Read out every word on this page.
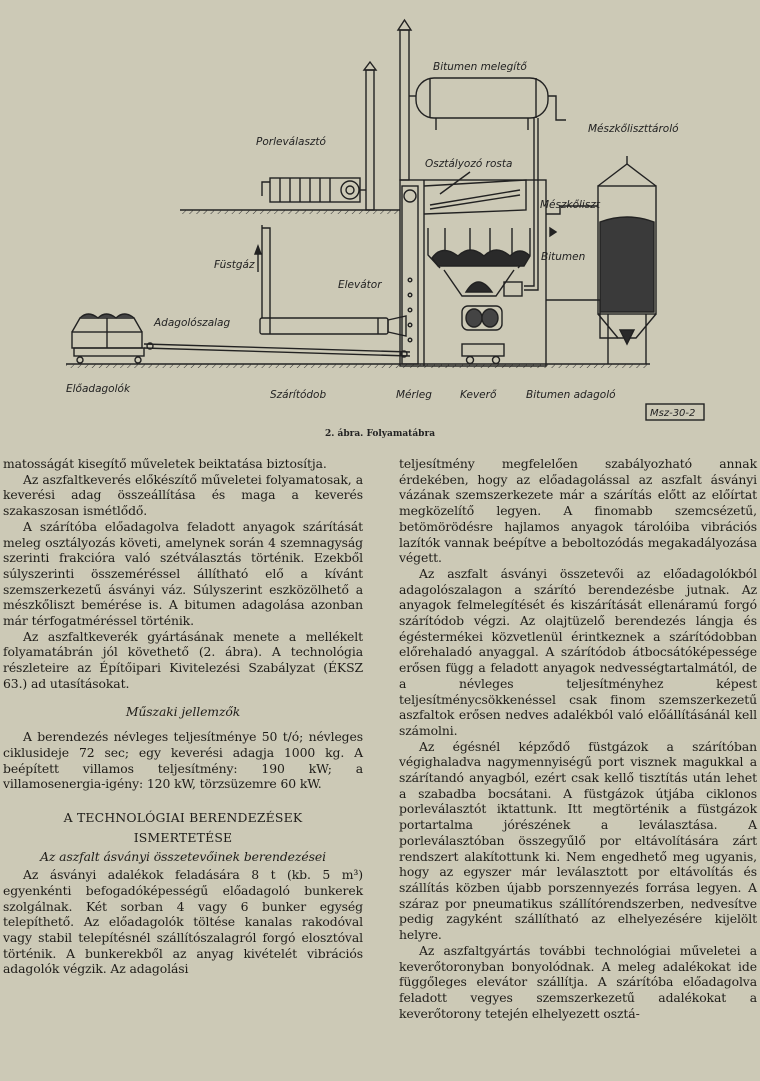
Bitumen melegítő
Porleválasztó
Osztályozó rosta
Mészkőliszttároló
Mészkőliszt
Füstgáz
Elevátor
Bitumen
Adagolószalag
Előadagolók	Szárítódob	Mérleg	Keverő	Bitumen adagoló
Msz-30-2
2. ábra. Folyamatábra

matosságát kisegítő műveletek beiktatása biztosítja.

Az aszfaltkeverés előkészítő műveletei folyamatosak, a keverési adag összeállítása és maga a keverés szakaszosan ismétlődő.

A szárítóba előadagolva feladott anyagok szárítását meleg osztályozás követi, amelynek során 4 szemnagyság szerinti frakcióra való szétválasztás történik. Ezekből súlyszerinti összeméréssel állítható elő a kívánt szemszerkezetű ásványi váz. Súlyszerint eszközölhető a mészkőliszt bemérése is. A bitumen adagolása azonban már térfogatméréssel történik.

Az aszfaltkeverék gyártásának menete a mellékelt folyamatábrán jól követhető (2. ábra). A technológia részleteire az Építőipari Kivitelezési Szabályzat (ÉKSZ 63.) ad utasításokat.

Műszaki jellemzők

A berendezés névleges teljesítménye 50 t/ó; névleges ciklusideje 72 sec; egy keverési adagja 1000 kg. A beépített villamos teljesítmény: 190 kW; a villamosenergia-igény: 120 kW, törzsüzemre 60 kW.

A TECHNOLÓGIAI BERENDEZÉSEK

ISMERTETÉSE

Az aszfalt ásványi összetevőinek berendezései

Az ásványi adalékok feladására 8 t (kb. 5 m³) egyenkénti befogadóképességű előadagoló bunkerek szolgálnak. Két sorban 4 vagy 6 bunker egység telepíthető. Az előadagolók töltése kanalas rakodóval vagy stabil telepítésnél szállítószalagról forgó elosztóval történik. A bunkerekből az anyag kivételét vibrációs adagolók végzik. Az adagolási

teljesítmény megfelelően szabályozható annak érdekében, hogy az előadagolással az aszfalt ásványi vázának szemszerkezete már a szárítás előtt az előírtat megközelítő legyen. A finomabb szemcsézetű, betömörödésre hajlamos anyagok tárolóiba vibrációs lazítók vannak beépítve a beboltozódás megakadályozása végett.

Az aszfalt ásványi összetevői az előadagolókból adagolószalagon a szárító berendezésbe jutnak. Az anyagok felmelegítését és kiszárítását ellenáramú forgó szárítódob végzi. Az olajtüzelő berendezés lángja és égéstermékei közvetlenül érintkeznek a szárítódobban előrehaladó anyaggal. A szárítódob átbocsátóképessége erősen függ a feladott anyagok nedvességtartalmától, de a névleges teljesítményhez képest teljesítménycsökkenéssel csak finom szemszerkezetű aszfaltok erősen nedves adalékból való előállításánál kell számolni.

Az égésnél képződő füstgázok a szárítóban végighaladva nagymennyiségű port visznek magukkal a szárítandó anyagból, ezért csak kellő tisztítás után lehet a szabadba bocsátani. A füstgázok útjába ciklonos porleválasztót iktattunk. Itt megtörténik a füstgázok portartalma jórészének a leválasztása. A porleválasztóban összegyűlő por eltávolítására zárt rendszert alakítottunk ki. Nem engedhető meg ugyanis, hogy az egyszer már leválasztott por eltávolítás és szállítás közben újabb porszennyezés forrása legyen. A száraz por pneumatikus szállítórendszerben, nedvesítve pedig zagyként szállítható az elhelyezésére kijelölt helyre.

Az aszfaltgyártás további technológiai műveletei a keverőtoronyban bonyolódnak. A meleg adalékokat ide függőleges elevátor szállítja. A szárítóba előadagolva feladott vegyes szemszerkezetű adalékokat a keverőtorony tetején elhelyezett osztá-
